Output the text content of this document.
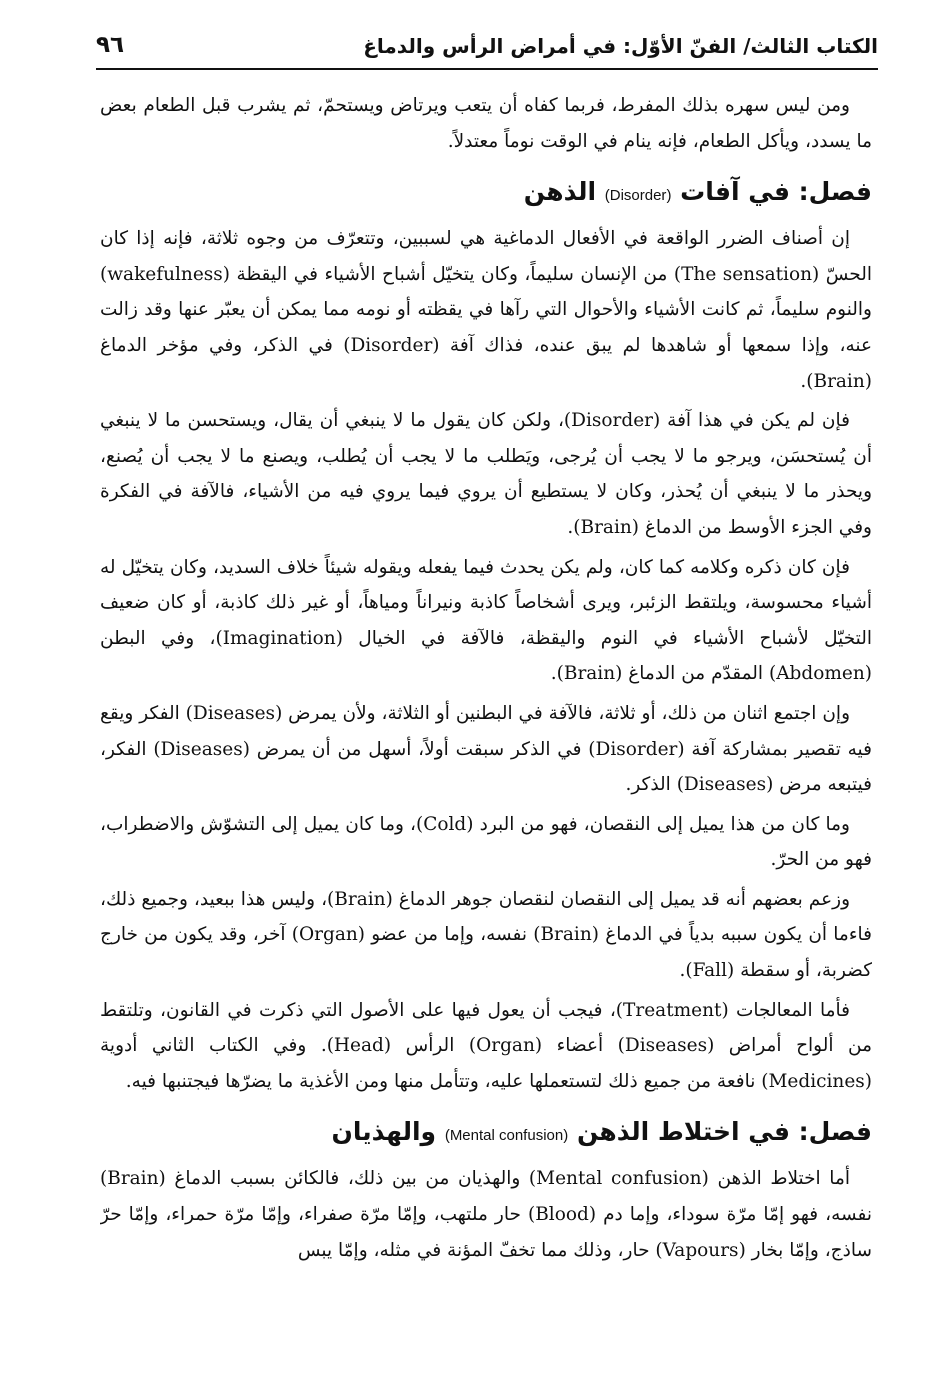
الكتاب الثالث/ الفنّ الأوّل: في أمراض الرأس والدماغ
٩٦

ومن ليس سهره بذلك المفرط، فربما كفاه أن يتعب ويرتاض ويستحمّ، ثم يشرب قبل الطعام بعض ما يسدد، ويأكل الطعام، فإنه ينام في الوقت نوماً معتدلاً.

فصل: في آفات (Disorder) الذهن

إن أصناف الضرر الواقعة في الأفعال الدماغية هي لسببين، وتتعرّف من وجوه ثلاثة، فإنه إذا كان الحسّ (The sensation) من الإنسان سليماً، وكان يتخيّل أشباح الأشياء في اليقظة (wakefulness) والنوم سليماً، ثم كانت الأشياء والأحوال التي رآها في يقظته أو نومه مما يمكن أن يعبّر عنها وقد زالت عنه، وإذا سمعها أو شاهدها لم يبق عنده، فذاك آفة (Disorder) في الذكر، وفي مؤخر الدماغ (Brain).

فإن لم يكن في هذا آفة (Disorder)، ولكن كان يقول ما لا ينبغي أن يقال، ويستحسن ما لا ينبغي أن يُستحسَن، ويرجو ما لا يجب أن يُرجى، ويَطلب ما لا يجب أن يُطلب، ويصنع ما لا يجب أن يُصنع، ويحذر ما لا ينبغي أن يُحذر، وكان لا يستطيع أن يروي فيما يروي فيه من الأشياء، فالآفة في الفكرة وفي الجزء الأوسط من الدماغ (Brain).

فإن كان ذكره وكلامه كما كان، ولم يكن يحدث فيما يفعله ويقوله شيئاً خلاف السديد، وكان يتخيّل له أشياء محسوسة، ويلتقط الزئبر، ويرى أشخاصاً كاذبة ونيراناً ومياهاً، أو غير ذلك كاذبة، أو كان ضعيف التخيّل لأشباح الأشياء في النوم واليقظة، فالآفة في الخيال (Imagination)، وفي البطن (Abdomen) المقدّم من الدماغ (Brain).

وإن اجتمع اثنان من ذلك، أو ثلاثة، فالآفة في البطنين أو الثلاثة، ولأن يمرض (Diseases) الفكر ويقع فيه تقصير بمشاركة آفة (Disorder) في الذكر سبقت أولاً، أسهل من أن يمرض (Diseases) الفكر، فيتبعه مرض (Diseases) الذكر.

وما كان من هذا يميل إلى النقصان، فهو من البرد (Cold)، وما كان يميل إلى التشوّش والاضطراب، فهو من الحرّ.

وزعم بعضهم أنه قد يميل إلى النقصان لنقصان جوهر الدماغ (Brain)، وليس هذا ببعيد، وجميع ذلك، فاءما أن يكون سببه بدياً في الدماغ (Brain) نفسه، وإما من عضو (Organ) آخر، وقد يكون من خارج كضربة، أو سقطة (Fall).

فأما المعالجات (Treatment)، فيجب أن يعول فيها على الأصول التي ذكرت في القانون، وتلتقط من ألواح أمراض (Diseases) أعضاء (Organ) الرأس (Head). وفي الكتاب الثاني أدوية (Medicines) نافعة من جميع ذلك لتستعملها عليه، وتتأمل منها ومن الأغذية ما يضرّها فيجتنبها فيه.

فصل: في اختلاط الذهن (Mental confusion) والهذيان

أما اختلاط الذهن (Mental confusion) والهذيان من بين ذلك، فالكائن بسبب الدماغ (Brain) نفسه، فهو إمّا مرّة سوداء، وإما دم (Blood) حار ملتهب، وإمّا مرّة صفراء، وإمّا مرّة حمراء، وإمّا حرّ ساذج، وإمّا بخار (Vapours) حار، وذلك مما تخفّ المؤنة في مثله، وإمّا يبس
